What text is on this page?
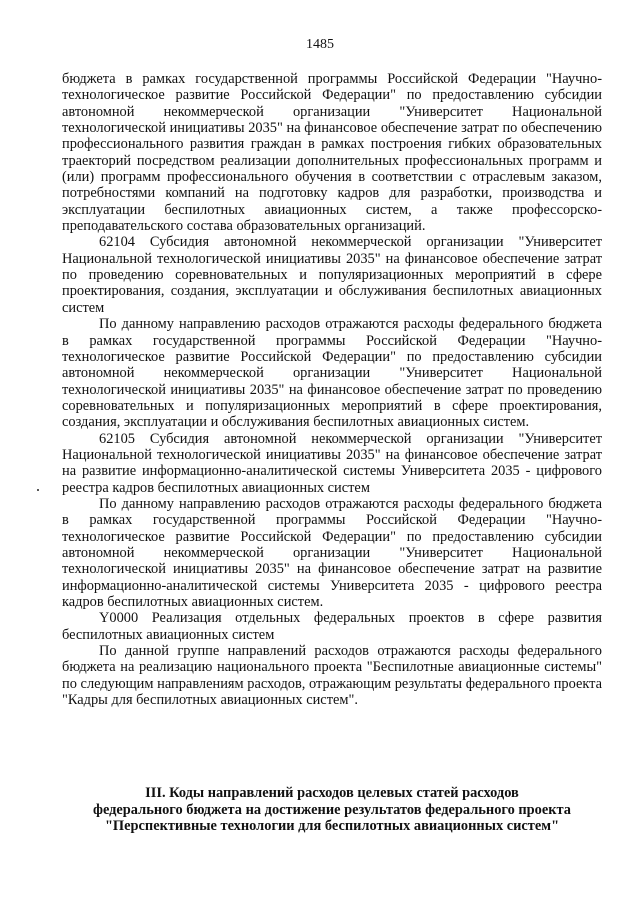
1485

бюджета в рамках государственной программы Российской Федерации "Научно-технологическое развитие Российской Федерации" по предоставлению субсидии автономной некоммерческой организации "Университет Национальной технологической инициативы 2035" на финансовое обеспечение затрат по обеспечению профессионального развития граждан в рамках построения гибких образовательных траекторий посредством реализации дополнительных профессиональных программ и (или) программ профессионального обучения в соответствии с отраслевым заказом, потребностями компаний на подготовку кадров для разработки, производства и эксплуатации беспилотных авиационных систем, а также профессорско-преподавательского состава образовательных организаций.

62104 Субсидия автономной некоммерческой организации "Университет Национальной технологической инициативы 2035" на финансовое обеспечение затрат по проведению соревновательных и популяризационных мероприятий в сфере проектирования, создания, эксплуатации и обслуживания беспилотных авиационных систем

По данному направлению расходов отражаются расходы федерального бюджета в рамках государственной программы Российской Федерации "Научно-технологическое развитие Российской Федерации" по предоставлению субсидии автономной некоммерческой организации "Университет Национальной технологической инициативы 2035" на финансовое обеспечение затрат по проведению соревновательных и популяризационных мероприятий в сфере проектирования, создания, эксплуатации и обслуживания беспилотных авиационных систем.

62105 Субсидия автономной некоммерческой организации "Университет Национальной технологической инициативы 2035" на финансовое обеспечение затрат на развитие информационно-аналитической системы Университета 2035 - цифрового реестра кадров беспилотных авиационных систем

По данному направлению расходов отражаются расходы федерального бюджета в рамках государственной программы Российской Федерации "Научно-технологическое развитие Российской Федерации" по предоставлению субсидии автономной некоммерческой организации "Университет Национальной технологической инициативы 2035" на финансовое обеспечение затрат на развитие информационно-аналитической системы Университета 2035 - цифрового реестра кадров беспилотных авиационных систем.

Y0000 Реализация отдельных федеральных проектов в сфере развития беспилотных авиационных систем

По данной группе направлений расходов отражаются расходы федерального бюджета на реализацию национального проекта "Беспилотные авиационные системы" по следующим направлениям расходов, отражающим результаты федерального проекта "Кадры для беспилотных авиационных систем".

III. Коды направлений расходов целевых статей расходов
федерального бюджета на достижение результатов федерального проекта
"Перспективные технологии для беспилотных авиационных систем"
